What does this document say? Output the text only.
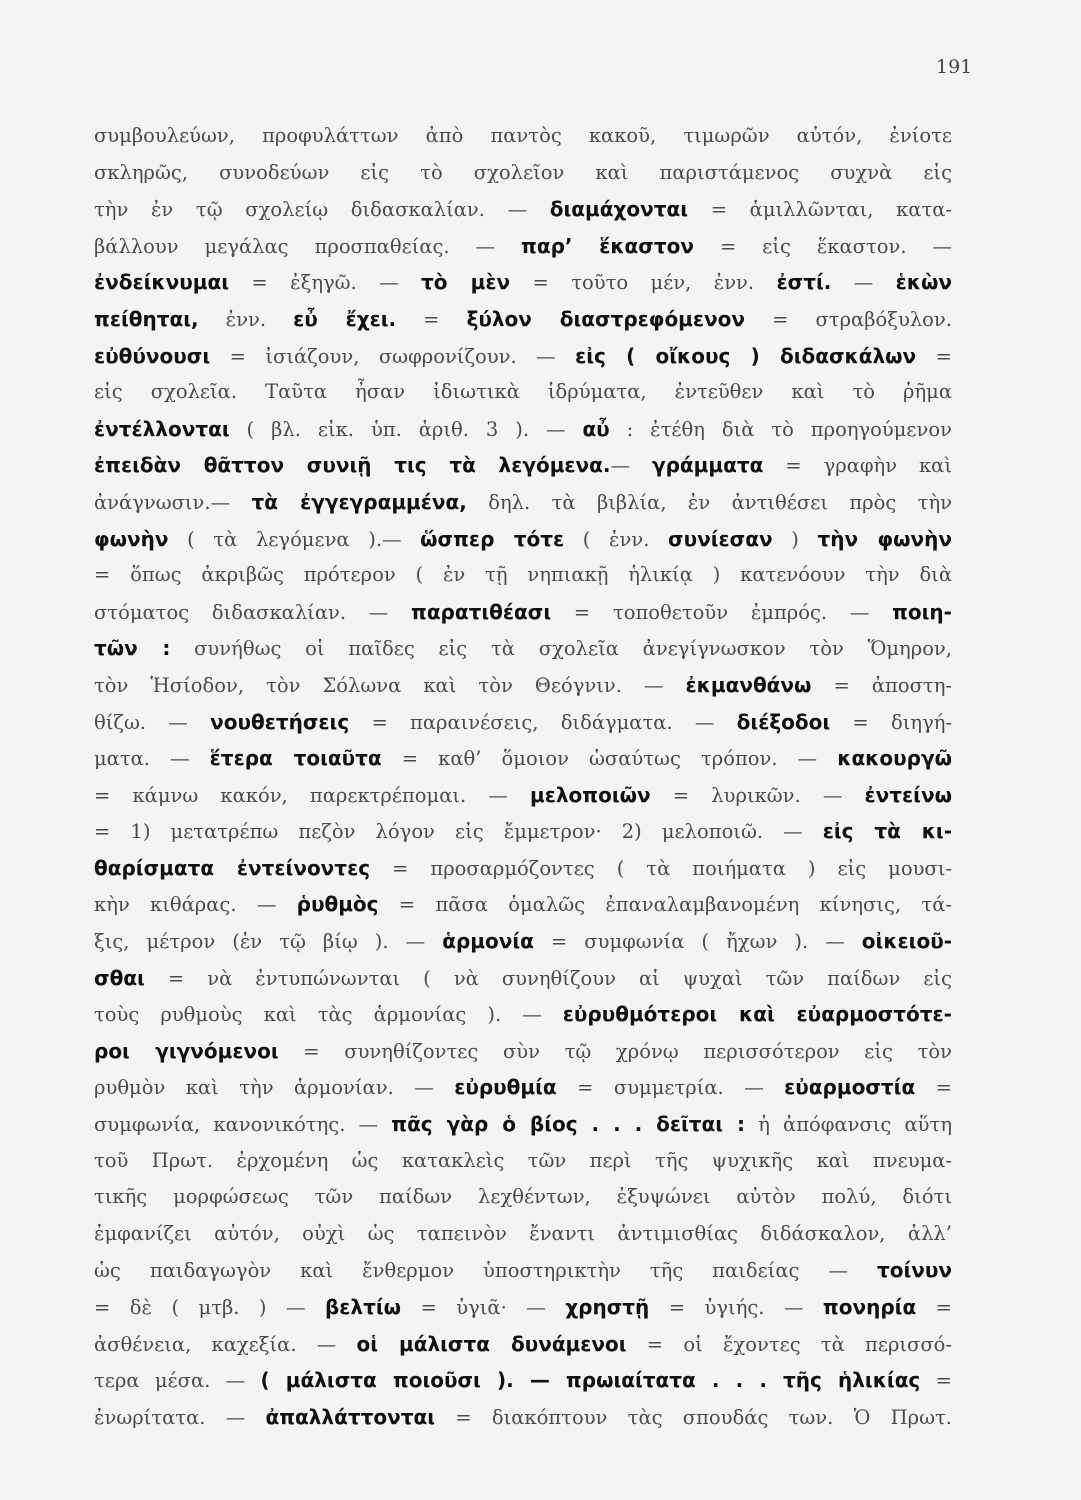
191
συμβουλεύων, προφυλάττων ἀπὸ παντὸς κακοῦ, τιμωρῶν αὐτόν, ἐνίοτε
σκληρῶς, συνοδεύων εἰς τὸ σχολεῖον καὶ παριστάμενος συχνὰ εἰς
τὴν ἐν τῷ σχολείῳ διδασκαλίαν. — διαμάχονται = ἁμιλλῶνται, κατα-
βάλλουν μεγάλας προσπαθείας. — παρ’ ἕκαστον = εἰς ἕκαστον. —
ἐνδείκνυμαι = ἐξηγῶ. — τὸ μὲν = τοῦτο μέν, ἐνν. ἐστί. — ἑκὼν
πείθηται, ἐνν. εὖ ἔχει. = ξύλον διαστρεφόμενον = στραβόξυλον.
εὐθύνουσι = ἰσιάζουν, σωφρονίζουν. — εἰς ( οἴκους ) διδασκάλων =
εἰς σχολεῖα. Ταῦτα ἦσαν ἰδιωτικὰ ἱδρύματα, ἐντεῦθεν καὶ τὸ ῥῆμα
ἐντέλλονται ( βλ. εἰκ. ὑπ. ἀριθ. 3 ). — αὖ : ἐτέθη διὰ τὸ προηγούμενον
ἐπειδὰν θᾶττον συνιῇ τις τὰ λεγόμενα.— γράμματα = γραφὴν καὶ
ἀνάγνωσιν.— τὰ ἐγγεγραμμένα, δηλ. τὰ βιβλία, ἐν ἀντιθέσει πρὸς τὴν
φωνὴν ( τὰ λεγόμενα ).— ὥσπερ τότε ( ἐνν. συνίεσαν ) τὴν φωνὴν
= ὅπως ἀκριβῶς πρότερον ( ἐν τῇ νηπιακῇ ἡλικίᾳ ) κατενόουν τὴν διὰ
στόματος διδασκαλίαν. — παρατιθέασι = τοποθετοῦν ἐμπρός. — ποιη-
τῶν : συνήθως οἱ παῖδες εἰς τὰ σχολεῖα ἀνεγίγνωσκον τὸν Ὅμηρον,
τὸν Ἡσίοδον, τὸν Σόλωνα καὶ τὸν Θεόγνιν. — ἐκμανθάνω = ἀποστη-
θίζω. — νουθετήσεις = παραινέσεις, διδάγματα. — διέξοδοι = διηγή-
ματα. — ἕτερα τοιαῦτα = καθ’ ὅμοιον ὡσαύτως τρόπον. — κακουργῶ
= κάμνω κακόν, παρεκτρέπομαι. — μελοποιῶν = λυρικῶν. — ἐντείνω
= 1) μετατρέπω πεζὸν λόγον εἰς ἔμμετρον· 2) μελοποιῶ. — εἰς τὰ κι-
θαρίσματα ἐντείνοντες = προσαρμόζοντες ( τὰ ποιήματα ) εἰς μουσι-
κὴν κιθάρας. — ῥυθμὸς = πᾶσα ὁμαλῶς ἐπαναλαμβανομένη κίνησις, τά-
ξις, μέτρον (ἐν τῷ βίῳ ). — ἁρμονία = συμφωνία ( ἤχων ). — οἰκειοῦ-
σθαι = νὰ ἐντυπώνωνται ( νὰ συνηθίζουν αἱ ψυχαὶ τῶν παίδων εἰς
τοὺς ρυθμοὺς καὶ τὰς ἁρμονίας ). — εὐρυθμότεροι καὶ εὐαρμοστότε-
ροι γιγνόμενοι = συνηθίζοντες σὺν τῷ χρόνῳ περισσότερον εἰς τὸν
ρυθμὸν καὶ τὴν ἁρμονίαν. — εὐρυθμία = συμμετρία. — εὐαρμοστία =
συμφωνία, κανονικότης. — πᾶς γὰρ ὁ βίος . . . δεῖται : ἡ ἀπόφανσις αὕτη
τοῦ Πρωτ. ἐρχομένη ὡς κατακλεὶς τῶν περὶ τῆς ψυχικῆς καὶ πνευμα-
τικῆς μορφώσεως τῶν παίδων λεχθέντων, ἐξυψώνει αὐτὸν πολύ, διότι
ἐμφανίζει αὐτόν, οὐχὶ ὡς ταπεινὸν ἔναντι ἀντιμισθίας διδάσκαλον, ἀλλ’
ὡς παιδαγωγὸν καὶ ἔνθερμον ὑποστηρικτὴν τῆς παιδείας — τοίνυν
= δὲ ( μτβ. ) — βελτίω = ὑγιᾶ· — χρηστῇ = ὑγιής. — πονηρία =
ἀσθένεια, καχεξία. — οἱ μάλιστα δυνάμενοι = οἱ ἔχοντες τὰ περισσό-
τερα μέσα. — ( μάλιστα ποιοῦσι ). — πρωιαίτατα . . . τῆς ἡλικίας =
ἐνωρίτατα. — ἀπαλλάττονται = διακόπτουν τὰς σπουδάς των. Ὁ Πρωτ.
